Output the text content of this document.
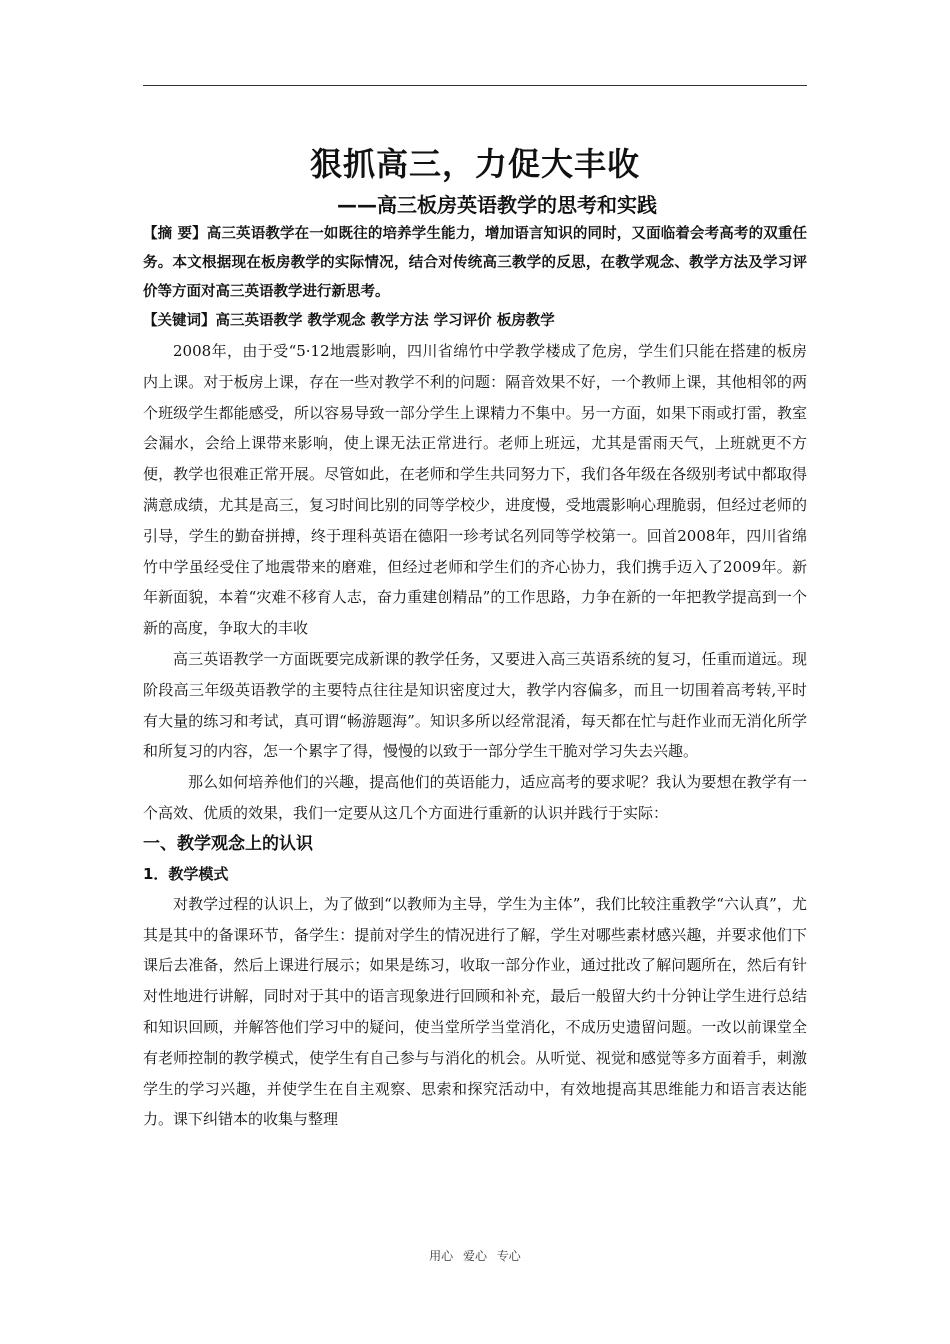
狠抓高三，力促大丰收
——高三板房英语教学的思考和实践

【摘 要】高三英语教学在一如既往的培养学生能力，增加语言知识的同时，又面临着会考高考的双重任务。本文根据现在板房教学的实际情况，结合对传统高三教学的反思，在教学观念、教学方法及学习评价等方面对高三英语教学进行新思考。

【关键词】高三英语教学 教学观念 教学方法 学习评价 板房教学

2008年，由于受“5·12地震影响，四川省绵竹中学教学楼成了危房，学生们只能在搭建的板房内上课。对于板房上课，存在一些对教学不利的问题：隔音效果不好，一个教师上课，其他相邻的两个班级学生都能感受，所以容易导致一部分学生上课精力不集中。另一方面，如果下雨或打雷，教室会漏水，会给上课带来影响，使上课无法正常进行。老师上班远，尤其是雷雨天气，上班就更不方便，教学也很难正常开展。尽管如此，在老师和学生共同努力下，我们各年级在各级别考试中都取得满意成绩，尤其是高三，复习时间比别的同等学校少，进度慢，受地震影响心理脆弱，但经过老师的引导，学生的勤奋拼搏，终于理科英语在德阳一珍考试名列同等学校第一。回首2008年，四川省绵竹中学虽经受住了地震带来的磨难，但经过老师和学生们的齐心协力，我们携手迈入了2009年。新年新面貌，本着“灾难不移育人志，奋力重建创精品”的工作思路，力争在新的一年把教学提高到一个新的高度，争取大的丰收

高三英语教学一方面既要完成新课的教学任务，又要进入高三英语系统的复习，任重而道远。现阶段高三年级英语教学的主要特点往往是知识密度过大，教学内容偏多，而且一切围着高考转,平时有大量的练习和考试，真可谓“畅游题海”。知识多所以经常混淆，每天都在忙与赶作业而无消化所学和所复习的内容，怎一个累字了得，慢慢的以致于一部分学生干脆对学习失去兴趣。

那么如何培养他们的兴趣，提高他们的英语能力，适应高考的要求呢？我认为要想在教学有一个高效、优质的效果，我们一定要从这几个方面进行重新的认识并践行于实际：

一、教学观念上的认识
1．教学模式

对教学过程的认识上，为了做到“以教师为主导，学生为主体”，我们比较注重教学“六认真”，尤其是其中的备课环节，备学生：提前对学生的情况进行了解，学生对哪些素材感兴趣，并要求他们下课后去准备，然后上课进行展示；如果是练习，收取一部分作业，通过批改了解问题所在，然后有针对性地进行讲解，同时对于其中的语言现象进行回顾和补充，最后一般留大约十分钟让学生进行总结和知识回顾，并解答他们学习中的疑问，使当堂所学当堂消化，不成历史遗留问题。一改以前课堂全有老师控制的教学模式，使学生有自己参与与消化的机会。从听觉、视觉和感觉等多方面着手，刺激学生的学习兴趣，并使学生在自主观察、思索和探究活动中，有效地提高其思维能力和语言表达能力。课下纠错本的收集与整理

用心 爱心 专心
